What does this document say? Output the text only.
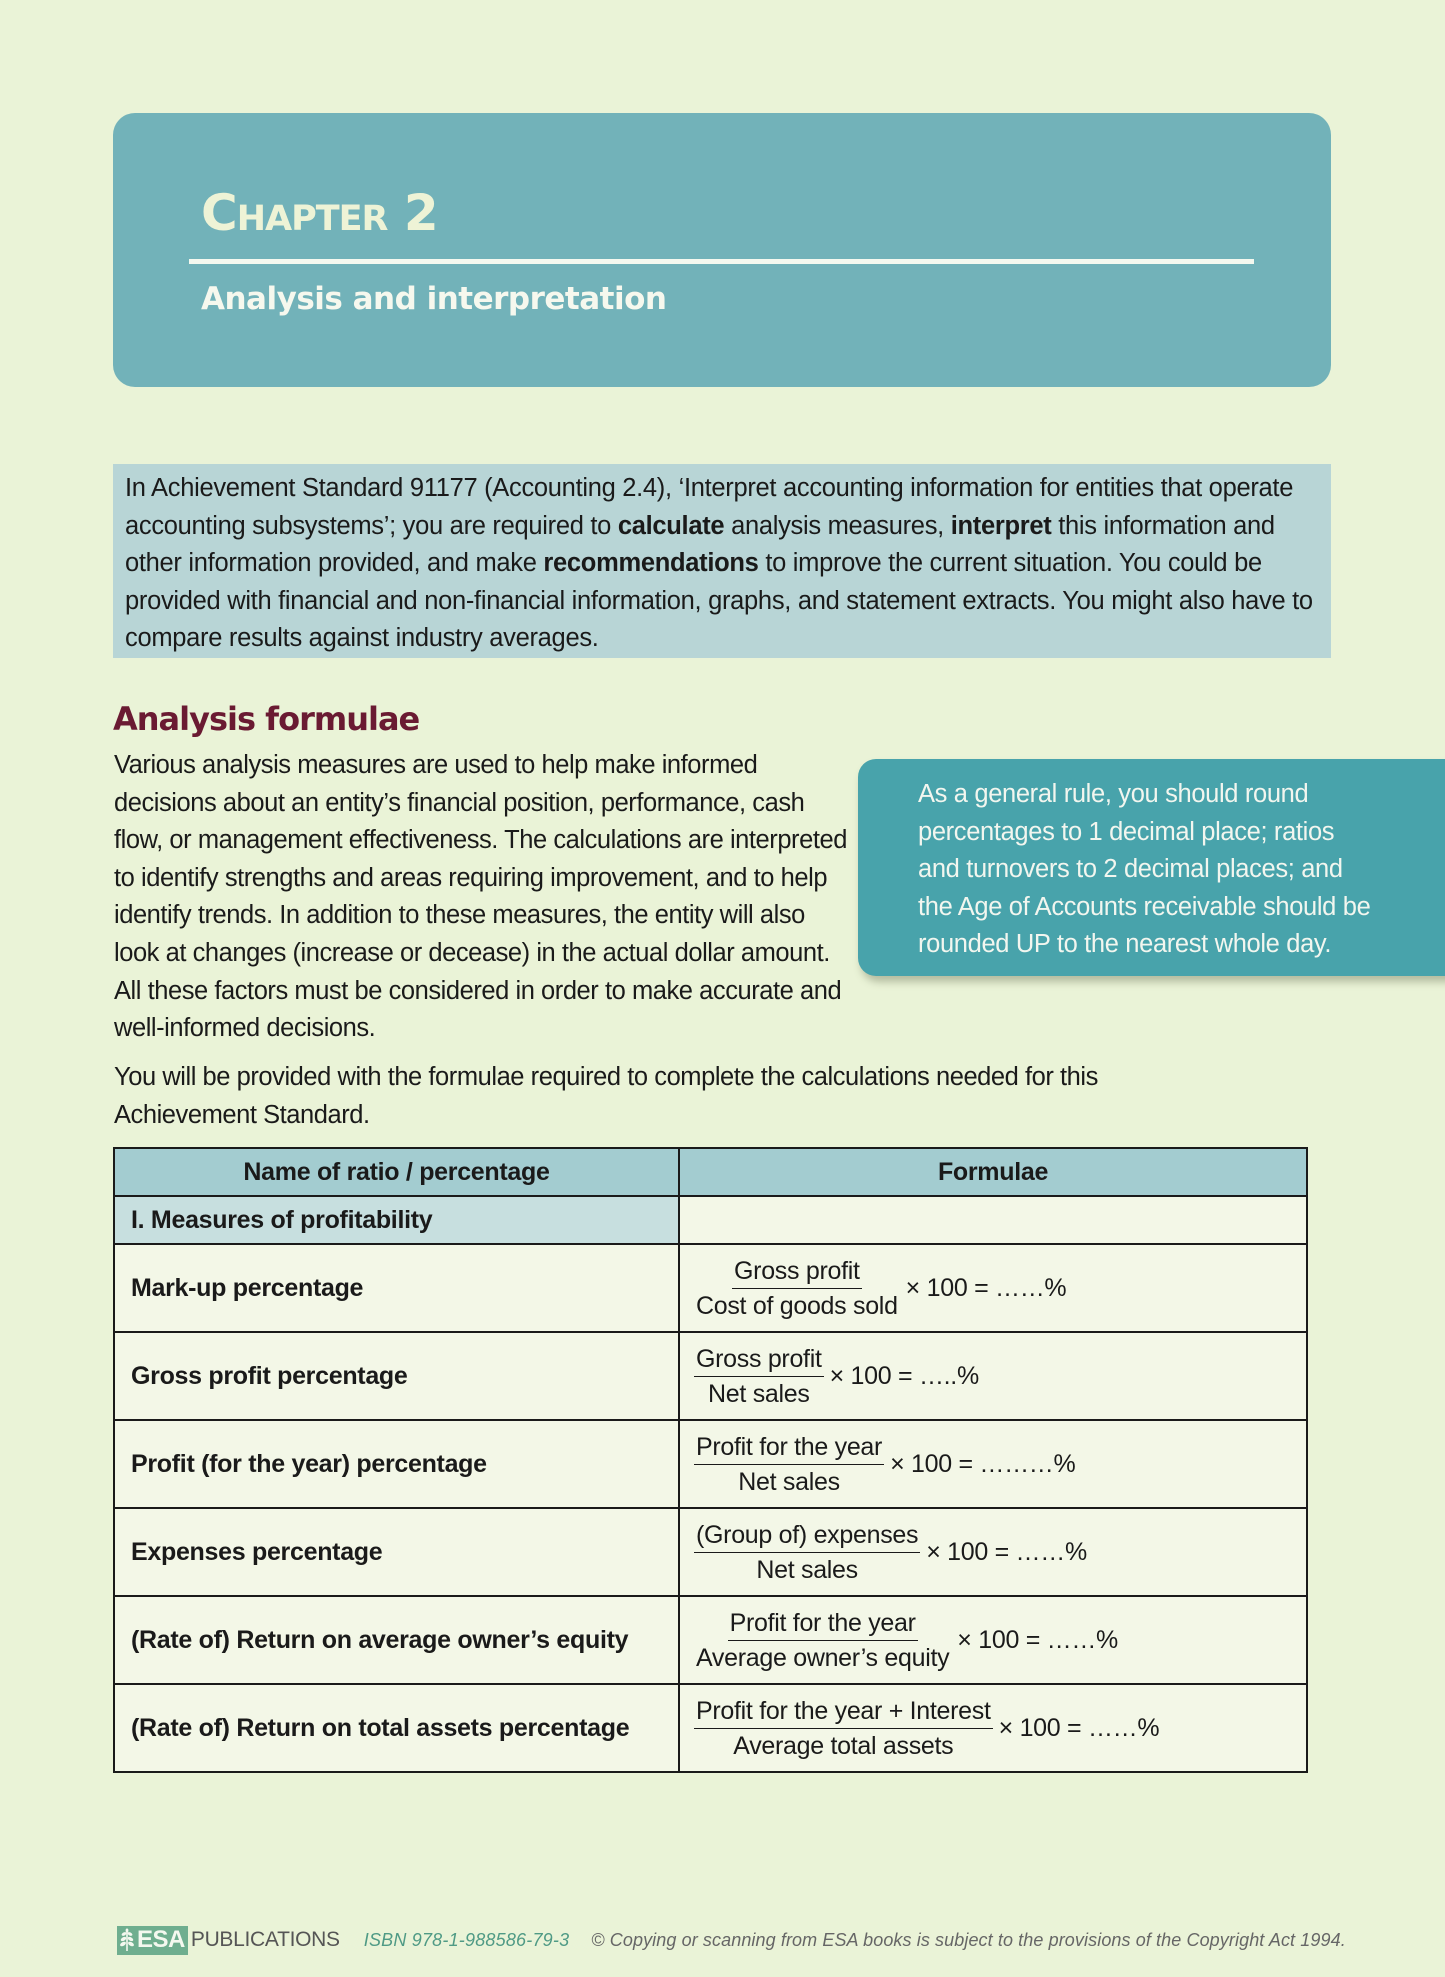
Chapter 2
Analysis and interpretation
In Achievement Standard 91177 (Accounting 2.4), ‘Interpret accounting information for entities that operate accounting subsystems’; you are required to calculate analysis measures, interpret this information and other information provided, and make recommendations to improve the current situation. You could be provided with financial and non-financial information, graphs, and statement extracts. You might also have to compare results against industry averages.
Analysis formulae
Various analysis measures are used to help make informed
decisions about an entity’s financial position, performance, cash
flow, or management effectiveness. The calculations are interpreted
to identify strengths and areas requiring improvement, and to help
identify trends. In addition to these measures, the entity will also
look at changes (increase or decease) in the actual dollar amount.
All these factors must be considered in order to make accurate and
well-informed decisions.
As a general rule, you should round
percentages to 1 decimal place; ratios
and turnovers to 2 decimal places; and
the Age of Accounts receivable should be
rounded UP to the nearest whole day.
You will be provided with the formulae required to complete the calculations needed for this
Achievement Standard.
Name of ratio / percentage	Formulae
I. Measures of profitability	
Mark-up percentage	$\frac{\text{Gross profit}}{\text{Cost of goods sold}} \times 100$ = ……%

Gross profit percentage	$\frac{\text{Gross profit}}{\text{Net sales}} \times 100$ = …..%

Profit (for the year) percentage	$\frac{\text{Profit for the year}}{\text{Net sales}} \times 100$ = ………%

Expenses percentage	$\frac{\text{(Group of) expenses}}{\text{Net sales}} \times 100$ = ……%

(Rate of) Return on average owner’s equity	$\frac{\text{Profit for the year}}{\text{Average owner’s equity}} \times 100$ = ……%

(Rate of) Return on total assets percentage	$\frac{\text{Profit for the year + Interest}}{\text{Average total assets}} \times 100$ = ……%
ESA PUBLICATIONS ISBN 978-1-988586-79-3 © Copying or scanning from ESA books is subject to the provisions of the Copyright Act 1994.
